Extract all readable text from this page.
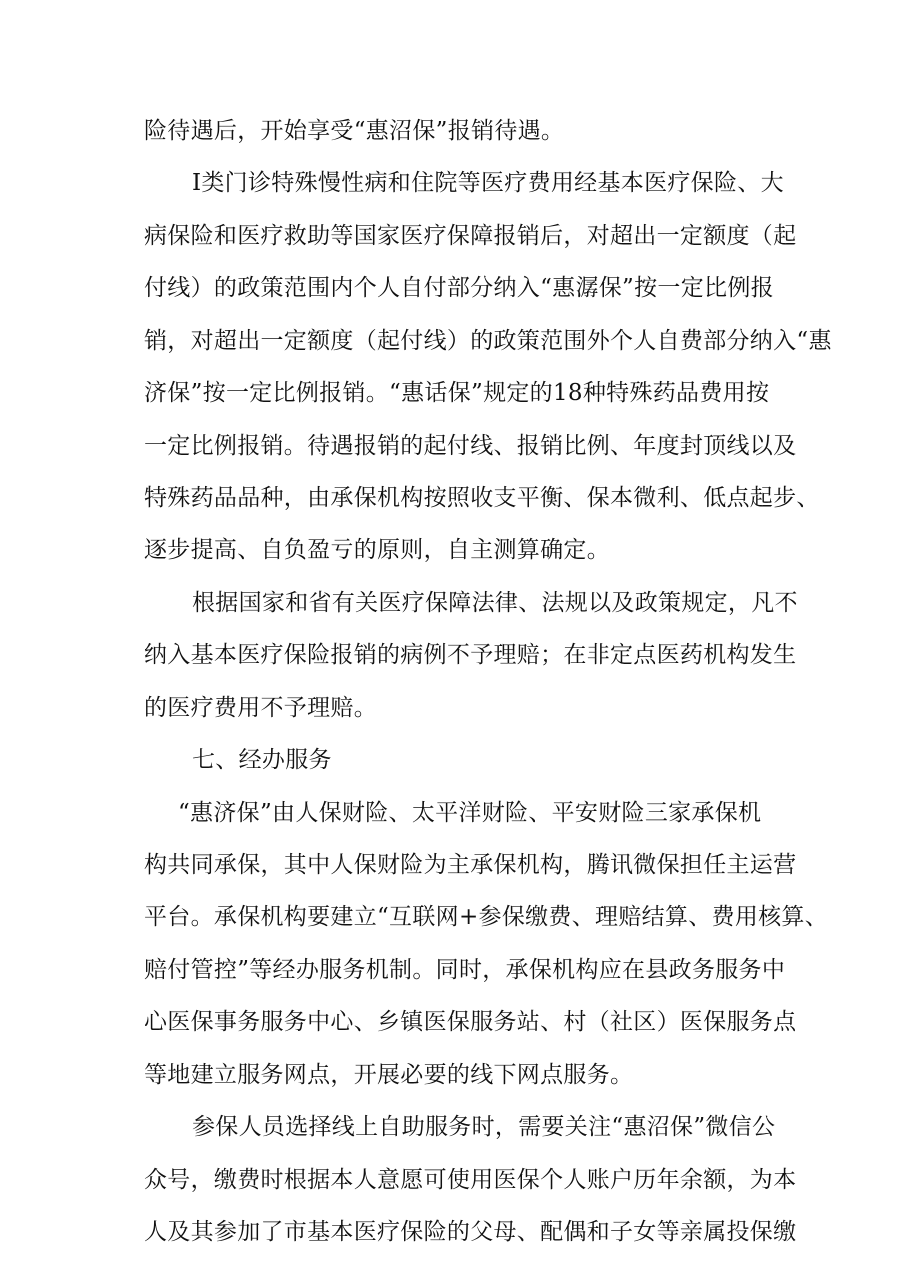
险待遇后，开始享受“惠沼保”报销待遇。
Ⅰ类门诊特殊慢性病和住院等医疗费用经基本医疗保险、大
病保险和医疗救助等国家医疗保障报销后，对超出一定额度（起
付线）的政策范围内个人自付部分纳入“惠潺保”按一定比例报
销，对超出一定额度（起付线）的政策范围外个人自费部分纳入“惠
济保”按一定比例报销。“惠话保”规定的18种特殊药品费用按
一定比例报销。待遇报销的起付线、报销比例、年度封顶线以及
特殊药品品种，由承保机构按照收支平衡、保本微利、低点起步、
逐步提高、自负盈亏的原则，自主测算确定。
根据国家和省有关医疗保障法律、法规以及政策规定，凡不
纳入基本医疗保险报销的病例不予理赔；在非定点医药机构发生
的医疗费用不予理赔。
七、经办服务
“惠济保”由人保财险、太平洋财险、平安财险三家承保机
构共同承保，其中人保财险为主承保机构，腾讯微保担任主运营
平台。承保机构要建立“互联网+参保缴费、理赔结算、费用核算、
赔付管控”等经办服务机制。同时，承保机构应在县政务服务中
心医保事务服务中心、乡镇医保服务站、村（社区）医保服务点
等地建立服务网点，开展必要的线下网点服务。
参保人员选择线上自助服务时，需要关注“惠沼保”微信公
众号，缴费时根据本人意愿可使用医保个人账户历年余额，为本
人及其参加了市基本医疗保险的父母、配偶和子女等亲属投保缴
